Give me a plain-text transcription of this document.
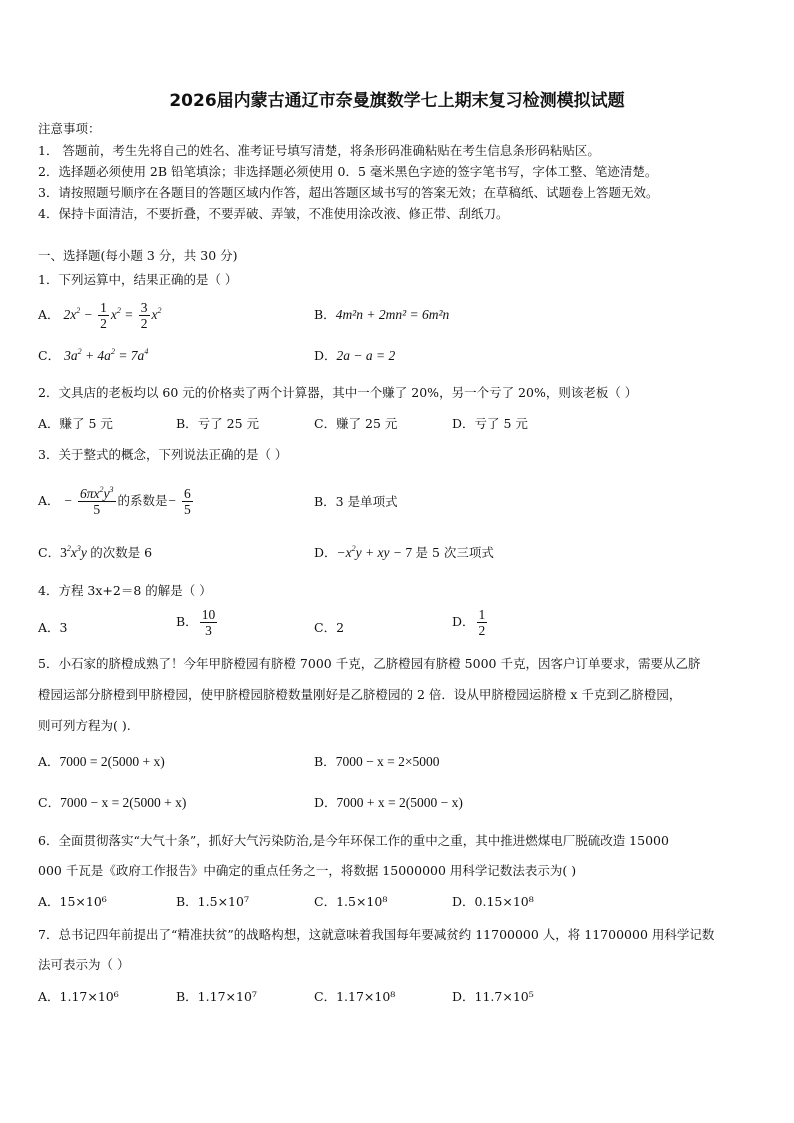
2026届内蒙古通辽市奈曼旗数学七上期末复习检测模拟试题
注意事项：
1． 答题前，考生先将自己的姓名、准考证号填写清楚，将条形码准确粘贴在考生信息条形码粘贴区。
2．选择题必须使用 2B 铅笔填涂；非选择题必须使用 0．5 毫米黑色字迹的签字笔书写，字体工整、笔迹清楚。
3．请按照题号顺序在各题目的答题区域内作答，超出答题区域书写的答案无效；在草稿纸、试题卷上答题无效。
4．保持卡面清洁，不要折叠，不要弄破、弄皱，不准使用涂改液、修正带、刮纸刀。
一、选择题(每小题 3 分，共 30 分)
1．下列运算中，结果正确的是（ ）
A． $2x^2 - \frac{1}{2} x^2 = \frac{3}{2} x^2$	B．4m²n + 2mn² = 6m²n
C． $3a^2 + 4a^2 = 7a^4$	D．2a − a = 2
2．文具店的老板均以 60 元的价格卖了两个计算器，其中一个赚了 20%，另一个亏了 20%，则该老板（ ）
A．赚了 5 元	B．亏了 25 元	C．赚了 25 元	D．亏了 5 元
3．关于整式的概念，下列说法正确的是（ ）
A． − $\frac{6\pi x^2y^3}{5}$ 的系数是− $\frac{6}{5}$	B．3 是单项式
C．$3^2x^3y$ 的次数是 6	D．$-x^2y$ + xy − 7 是 5 次三项式
4．方程 3x+2＝8 的解是（ ）
A．3	B． $\frac{10}{3}$	C．2	D． $\frac{1}{2}$
5．小石家的脐橙成熟了！今年甲脐橙园有脐橙 7000 千克，乙脐橙园有脐橙 5000 千克，因客户订单要求，需要从乙脐
橙园运部分脐橙到甲脐橙园，使甲脐橙园脐橙数量刚好是乙脐橙园的 2 倍．设从甲脐橙园运脐橙 x 千克到乙脐橙园，
则可列方程为( ).
A．7000 = 2(5000 + x)	B．7000 − x = 2×5000
C．7000 − x = 2(5000 + x)	D．7000 + x = 2(5000 − x)
6．全面贯彻落实“大气十条”，抓好大气污染防治,是今年环保工作的重中之重，其中推进燃煤电厂脱硫改造 15000
000 千瓦是《政府工作报告》中确定的重点任务之一，将数据 15000000 用科学记数法表示为( )
A．15×10⁶	B．1.5×10⁷	C．1.5×10⁸	D．0.15×10⁸
7．总书记四年前提出了“精准扶贫”的战略构想，这就意味着我国每年要减贫约 11700000 人，将 11700000 用科学记数
法可表示为（ ）
A．1.17×10⁶	B．1.17×10⁷	C．1.17×10⁸	D．11.7×10⁵
